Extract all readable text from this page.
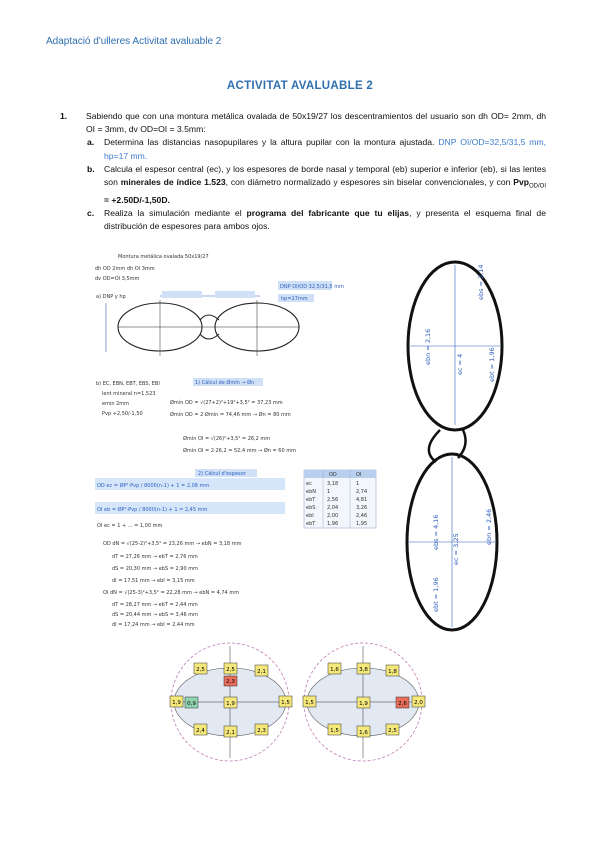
Adaptació d'ulleres Activitat avaluable 2
ACTIVITAT AVALUABLE 2
1. Sabiendo que con una montura metálica ovalada de 50x19/27 los descentramientos del usuario son dh OD= 2mm, dh OI = 3mm, dv OD=OI = 3.5mm:
a. Determina las distancias nasopupilares y la altura pupilar con la montura ajustada. DNP OI/OD=32,5/31,5 mm, hp=17 mm.
b. Calcula el espesor central (ec), y los espesores de borde nasal y temporal (eb) superior e inferior (eb), si las lentes son minerales de índice 1.523, con diámetro normalizado y espesores sin biselar convencionales, y con Pvp$_{OD/OI}$ = +2.50D/-1,50D.
c. Realiza la simulación mediante el programa del fabricante que tu elijas, y presenta el esquema final de distribución de espesores para ambos ojos.
Montura metálica ovalada 50x19/27
dh OD 2mm dh OI 3mm
dv OD=OI 3,5mm
a) DNP y hp
DNP OI/OD 32,5/31,5 mm
hp=17mm
b) EC, EBN, EBT, EBS, EBI
lent mineral n=1,523
emin 2mm
Pvp +2,50/-1,50
1) Càlcul de Ømín → Øn
Ømín OD = √(27+2)²+19²+3,5² = 37,23 mm
Ømín OD = 2·Ømín = 74,46 mm → Øn = 80 mm
Ømín OI = √(26)²+3,5² = 26,2 mm
Ømín OI = 2·26,2 = 52,4 mm → Øn = 60 mm
2) Càlcul d'espesor
OD ec = ØP²·Pvp / 8000(n-1) + 1 = 2,08 mm
OI eb = ØP²·Pvp / 8000(n-1) + 1 = 2,45 mm
OI ec = 1 + ... = 1,00 mm
OD dN = √(25-2)²+3,5² = 23,26 mm → ebN = 3,18 mm
dT = 27,26 mm → ebT = 2,76 mm
dS = 20,30 mm → ebS = 2,90 mm
dI = 17,51 mm → ebI = 3,15 mm
OI dN = √(25-3)²+3,5² = 22,28 mm → ebN = 4,74 mm
dT = 28,27 mm → ebT = 2,44 mm
dS = 20,44 mm → ebS = 3,46 mm
dI = 17,24 mm → ebI = 2,44 mm
OD	OI
ec	3,18	1
ebN 1	2,74
ebT 2,56	4,81
ebS 2,04	3,26
ebI	2,00	2,46
ebT 1,96	1,95
ebs = 2,14
ebn = 2,16	ebt = 1,96
ec = 4
ebs = 4,16	ebn = 2,46
ebt = 1,96
ec = 3,25
2,5	2,5	2,1
2,3
1,9 0,9	1,9	1,5
2,4	2,1	2,3
1,6	3,8	1,8
1,5	1,9	2,6 2,0
1,5	1,6	2,5
